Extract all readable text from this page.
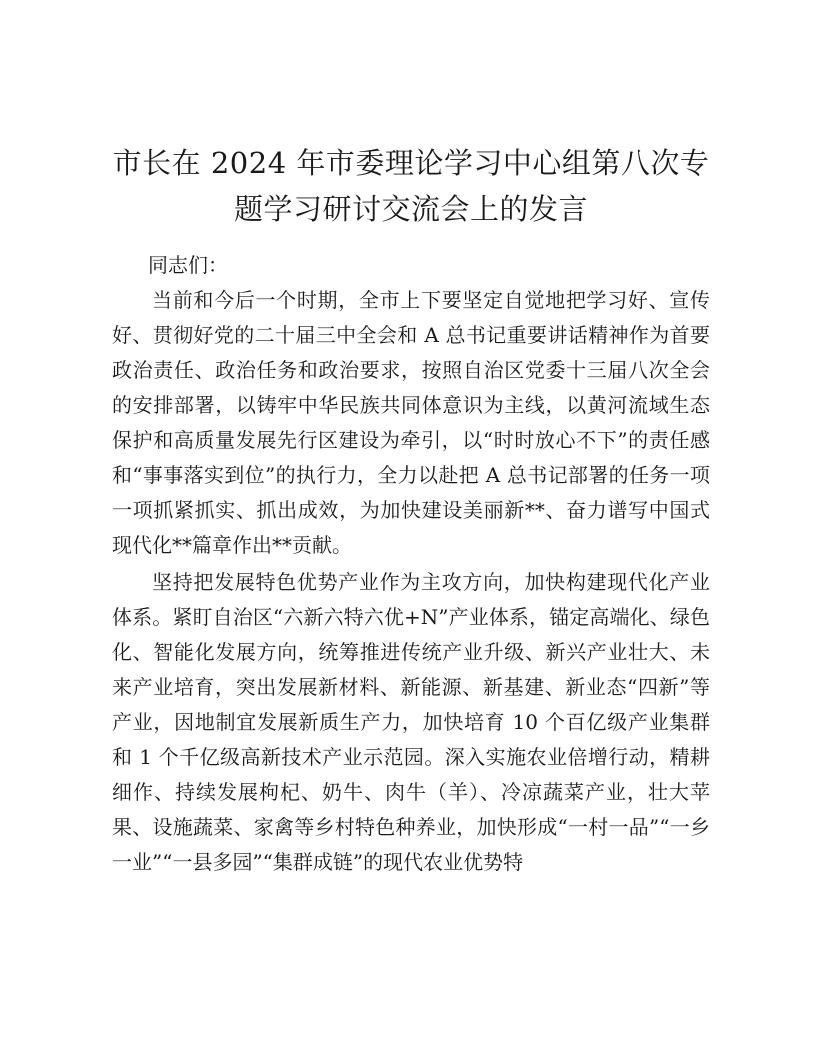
市长在 2024 年市委理论学习中心组第八次专
题学习研讨交流会上的发言

同志们：

当前和今后一个时期，全市上下要坚定自觉地把学习好、宣传好、贯彻好党的二十届三中全会和 A 总书记重要讲话精神作为首要政治责任、政治任务和政治要求，按照自治区党委十三届八次全会的安排部署，以铸牢中华民族共同体意识为主线，以黄河流域生态保护和高质量发展先行区建设为牵引，以“时时放心不下”的责任感和“事事落实到位”的执行力，全力以赴把 A 总书记部署的任务一项一项抓紧抓实、抓出成效，为加快建设美丽新**、奋力谱写中国式现代化**篇章作出**贡献。

坚持把发展特色优势产业作为主攻方向，加快构建现代化产业体系。紧盯自治区“六新六特六优+N”产业体系，锚定高端化、绿色化、智能化发展方向，统筹推进传统产业升级、新兴产业壮大、未来产业培育，突出发展新材料、新能源、新基建、新业态“四新”等产业，因地制宜发展新质生产力，加快培育 10 个百亿级产业集群和 1 个千亿级高新技术产业示范园。深入实施农业倍增行动，精耕细作、持续发展枸杞、奶牛、肉牛（羊）、冷凉蔬菜产业，壮大苹果、设施蔬菜、家禽等乡村特色种养业，加快形成“一村一品”“一乡一业”“一县多园”“集群成链”的现代农业优势特
